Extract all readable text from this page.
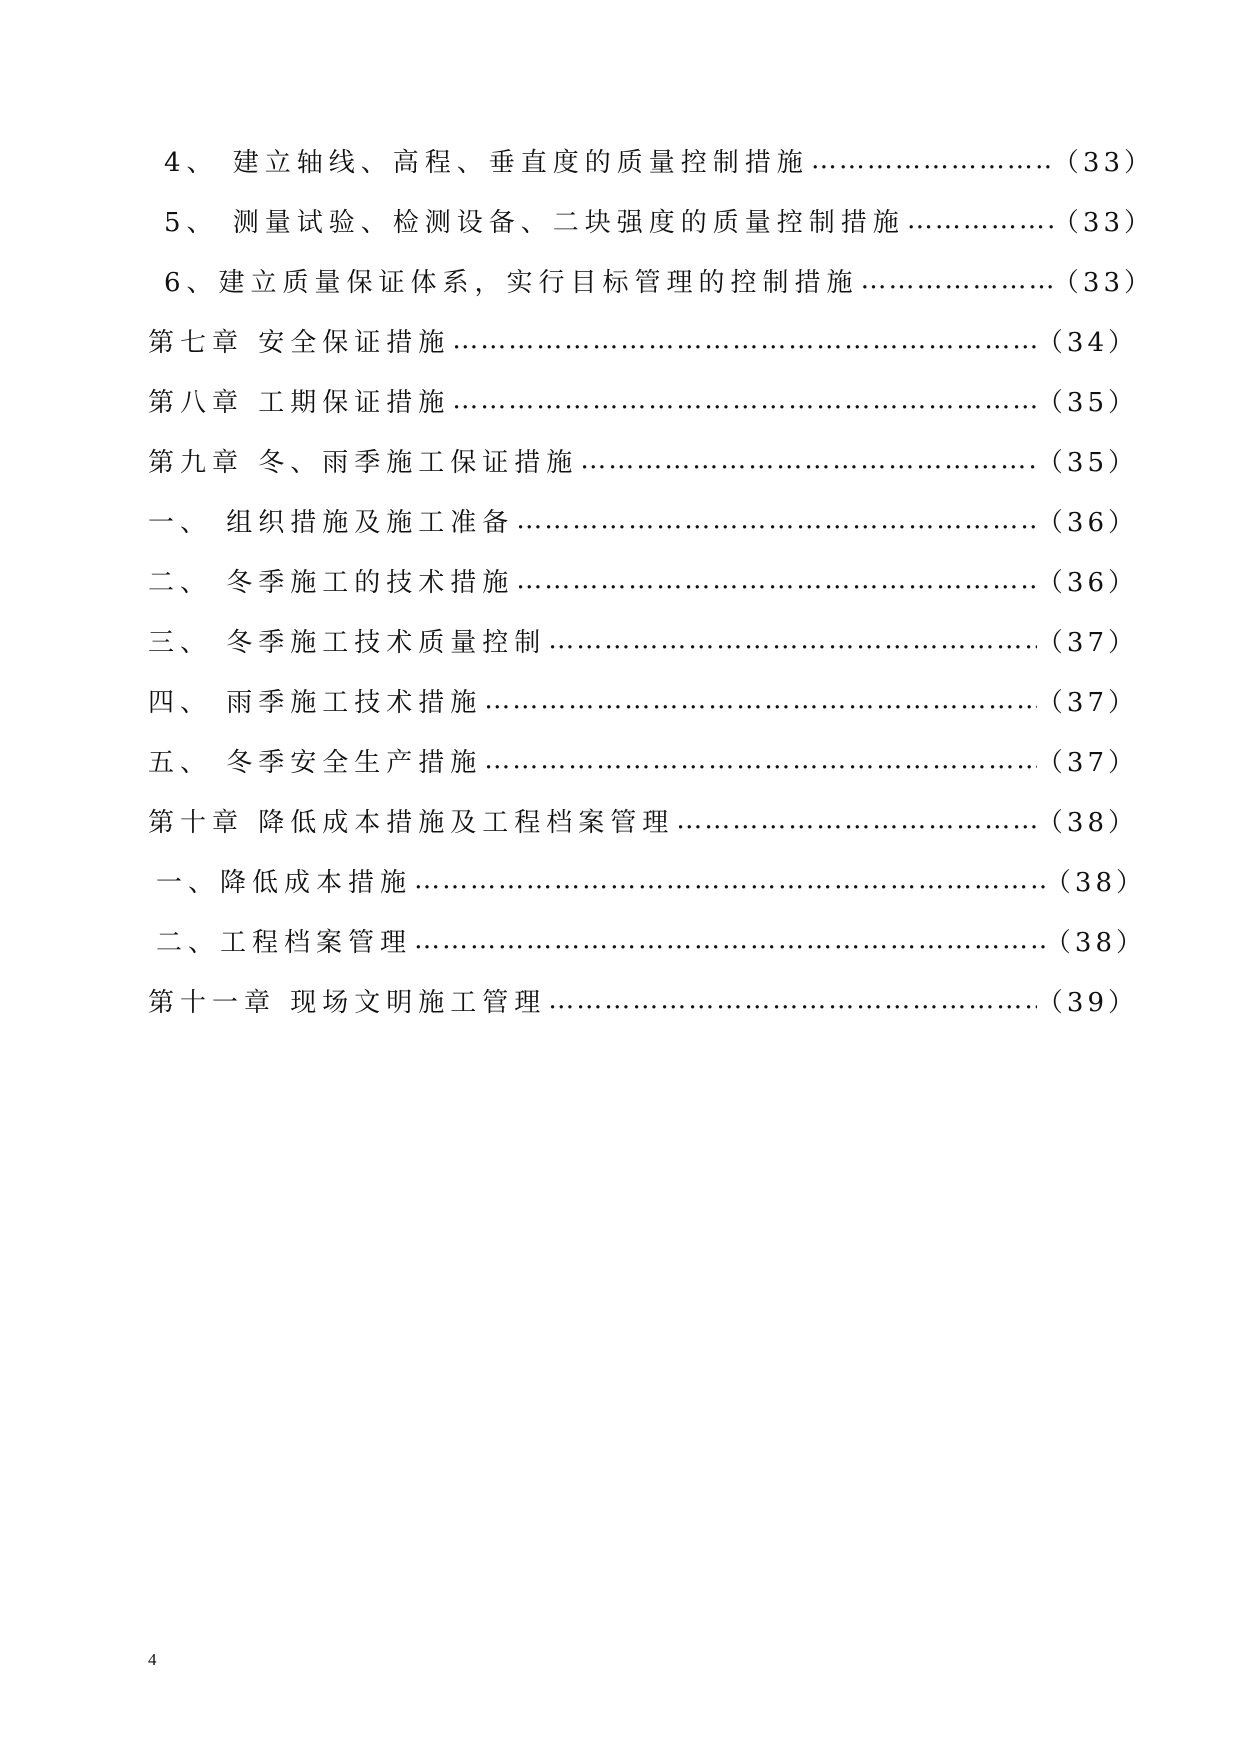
4、 建立轴线、高程、垂直度的质量控制措施 …………………………………………………………………………………………………………………………………………	（33）
5、 测量试验、检测设备、二块强度的质量控制措施 …………………………………………………………………………………………………………………………………………	（33）
6、建立质量保证体系，实行目标管理的控制措施 …………………………………………………………………………………………………………………………………………	（33）
第七章 安全保证措施 …………………………………………………………………………………………………………………………………………	（34）
第八章 工期保证措施 …………………………………………………………………………………………………………………………………………	（35）
第九章 冬、雨季施工保证措施 …………………………………………………………………………………………………………………………………………	（35）
一、 组织措施及施工准备 …………………………………………………………………………………………………………………………………………	（36）
二、 冬季施工的技术措施 …………………………………………………………………………………………………………………………………………	（36）
三、 冬季施工技术质量控制 …………………………………………………………………………………………………………………………………………	（37）
四、 雨季施工技术措施 …………………………………………………………………………………………………………………………………………	（37）
五、 冬季安全生产措施 …………………………………………………………………………………………………………………………………………	（37）
第十章 降低成本措施及工程档案管理 …………………………………………………………………………………………………………………………………………	（38）
一、降低成本措施 …………………………………………………………………………………………………………………………………………	（38）
二、工程档案管理 …………………………………………………………………………………………………………………………………………	（38）
第十一章 现场文明施工管理 …………………………………………………………………………………………………………………………………………	（39）
4
